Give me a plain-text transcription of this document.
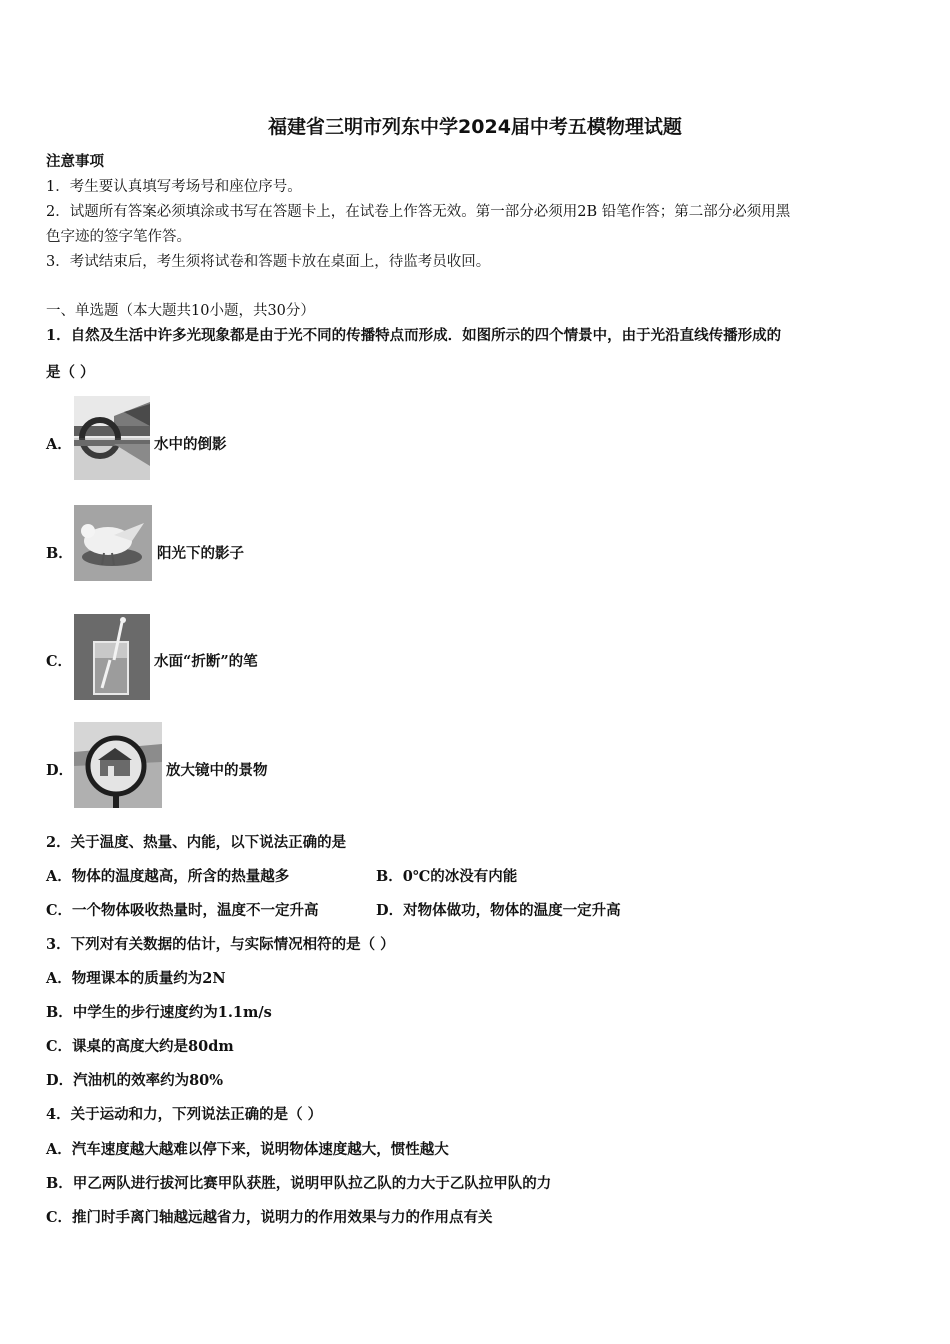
福建省三明市列东中学2024届中考五模物理试题
注意事项
1．考生要认真填写考场号和座位序号。
2．试题所有答案必须填涂或书写在答题卡上，在试卷上作答无效。第一部分必须用2B 铅笔作答；第二部分必须用黑
色字迹的签字笔作答。
3．考试结束后，考生须将试卷和答题卡放在桌面上，待监考员收回。
一、单选题（本大题共10小题，共30分）
1．自然及生活中许多光现象都是由于光不同的传播特点而形成．如图所示的四个情景中，由于光沿直线传播形成的
是（ ）
A．	水中的倒影
B．	阳光下的影子
C．	水面“折断”的笔
D．	放大镜中的景物
2．关于温度、热量、内能，以下说法正确的是
A．物体的温度越高，所含的热量越多	B．0℃的冰没有内能
C．一个物体吸收热量时，温度不一定升高	D．对物体做功，物体的温度一定升高
3．下列对有关数据的估计，与实际情况相符的是（ ）
A．物理课本的质量约为2N
B．中学生的步行速度约为1.1m/s
C．课桌的高度大约是80dm
D．汽油机的效率约为80%
4．关于运动和力，下列说法正确的是（ ）
A．汽车速度越大越难以停下来，说明物体速度越大，惯性越大
B．甲乙两队进行拔河比赛甲队获胜，说明甲队拉乙队的力大于乙队拉甲队的力
C．推门时手离门轴越远越省力，说明力的作用效果与力的作用点有关
